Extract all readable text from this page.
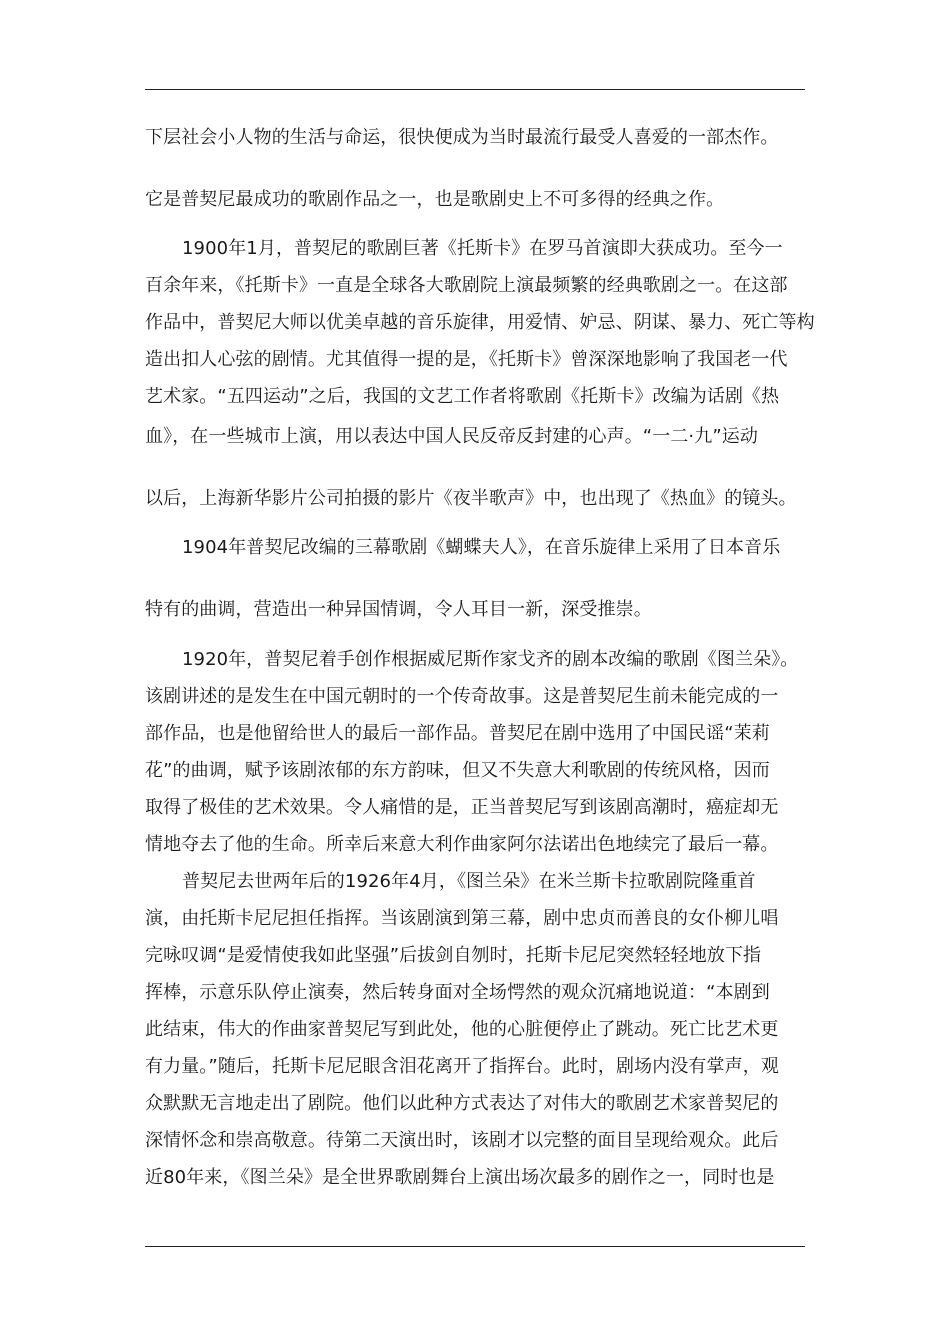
下层社会小人物的生活与命运，很快便成为当时最流行最受人喜爱的一部杰作。
它是普契尼最成功的歌剧作品之一，也是歌剧史上不可多得的经典之作。
1900年1月，普契尼的歌剧巨著《托斯卡》在罗马首演即大获成功。至今一
百余年来，《托斯卡》一直是全球各大歌剧院上演最频繁的经典歌剧之一。在这部
作品中，普契尼大师以优美卓越的音乐旋律，用爱情、妒忌、阴谋、暴力、死亡等构
造出扣人心弦的剧情。尤其值得一提的是，《托斯卡》曾深深地影响了我国老一代
艺术家。“五四运动”之后，我国的文艺工作者将歌剧《托斯卡》改编为话剧《热
血》，在一些城市上演，用以表达中国人民反帝反封建的心声。“一二·九”运动
以后，上海新华影片公司拍摄的影片《夜半歌声》中，也出现了《热血》的镜头。
1904年普契尼改编的三幕歌剧《蝴蝶夫人》，在音乐旋律上采用了日本音乐
特有的曲调，营造出一种异国情调，令人耳目一新，深受推崇。
1920年，普契尼着手创作根据威尼斯作家戈齐的剧本改编的歌剧《图兰朵》。
该剧讲述的是发生在中国元朝时的一个传奇故事。这是普契尼生前未能完成的一
部作品，也是他留给世人的最后一部作品。普契尼在剧中选用了中国民谣“茉莉
花”的曲调，赋予该剧浓郁的东方韵味，但又不失意大利歌剧的传统风格，因而
取得了极佳的艺术效果。令人痛惜的是，正当普契尼写到该剧高潮时，癌症却无
情地夺去了他的生命。所幸后来意大利作曲家阿尔法诺出色地续完了最后一幕。
普契尼去世两年后的1926年4月，《图兰朵》在米兰斯卡拉歌剧院隆重首
演，由托斯卡尼尼担任指挥。当该剧演到第三幕，剧中忠贞而善良的女仆柳儿唱
完咏叹调“是爱情使我如此坚强”后拔剑自刎时，托斯卡尼尼突然轻轻地放下指
挥棒，示意乐队停止演奏，然后转身面对全场愕然的观众沉痛地说道：“本剧到
此结束，伟大的作曲家普契尼写到此处，他的心脏便停止了跳动。死亡比艺术更
有力量。”随后，托斯卡尼尼眼含泪花离开了指挥台。此时，剧场内没有掌声，观
众默默无言地走出了剧院。他们以此种方式表达了对伟大的歌剧艺术家普契尼的
深情怀念和崇高敬意。待第二天演出时，该剧才以完整的面目呈现给观众。此后
近80年来，《图兰朵》是全世界歌剧舞台上演出场次最多的剧作之一，同时也是
